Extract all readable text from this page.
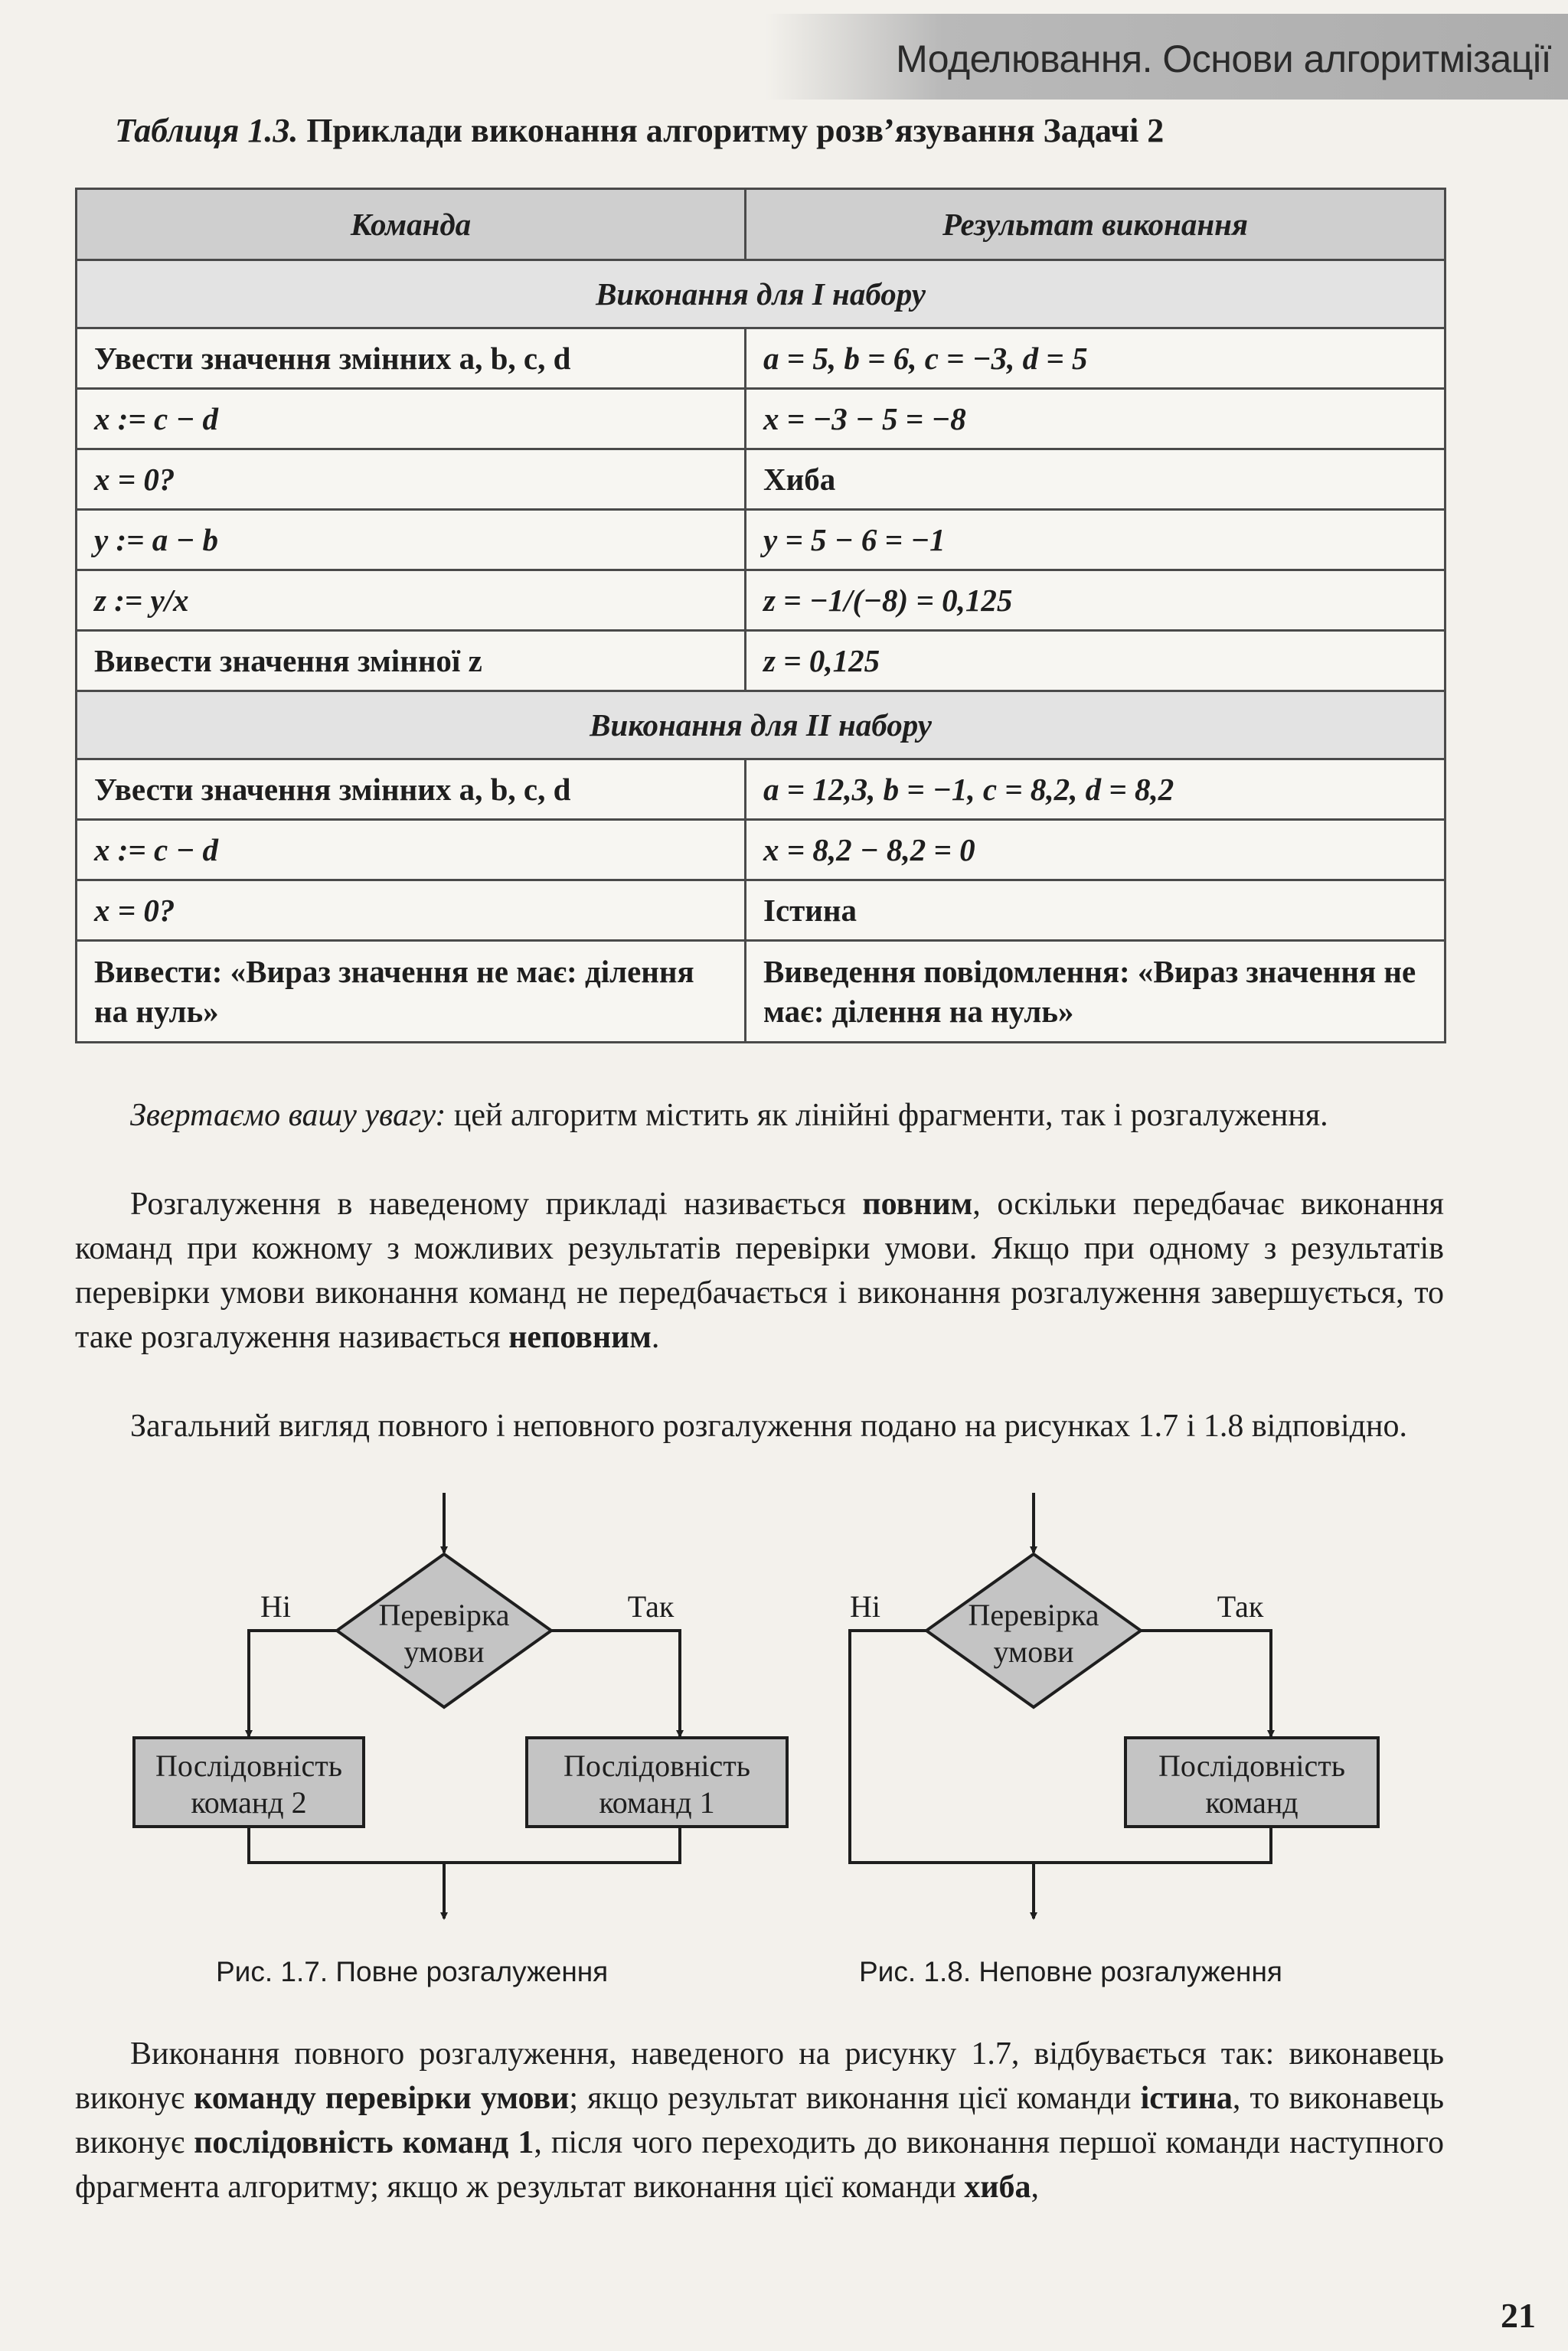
Моделювання. Основи алгоритмізації
Таблиця 1.3. Приклади виконання алгоритму розв’язування Задачі 2
Команда	Результат виконання
Виконання для І набору	
Увести значення змінних a, b, c, d	a = 5, b = 6, c = −3, d = 5
x := c − d	x = −3 − 5 = −8
x = 0?	Хиба
y := a − b	y = 5 − 6 = −1
z := y/x	z = −1/(−8) = 0,125
Вивести значення змінної z	z = 0,125
Виконання для ІІ набору	
Увести значення змінних a, b, c, d	a = 12,3, b = −1, c = 8,2, d = 8,2
x := c − d	x = 8,2 − 8,2 = 0
x = 0?	Істина
Вивести: «Вираз значення не має: ділення на нуль»	Виведення повідомлення: «Вираз значення не має: ділення на нуль»

Звертаємо вашу увагу: цей алгоритм містить як лінійні фрагменти, так і розгалуження.

Розгалуження в наведеному прикладі називається повним, оскільки передбачає виконання команд при кожному з можливих результатів перевірки умови. Якщо при одному з результатів перевірки умови виконання команд не передбачається і виконання розгалуження завершується, то таке розгалуження називається неповним.

Загальний вигляд повного і неповного розгалуження подано на рисунках 1.7 і 1.8 відповідно.

Ні	Так
Перевірка
умови
Послідовність
команд 2
Послідовність
команд 1
Рис. 1.7. Повне розгалуження
Ні	Так
Перевірка
умови
Послідовність
команд
Рис. 1.8. Неповне розгалуження

Виконання повного розгалуження, наведеного на рисунку 1.7, відбувається так: виконавець виконує команду перевірки умови; якщо результат виконання цієї команди істина, то виконавець виконує послідовність команд 1, після чого переходить до виконання першої команди наступного фрагмента алгоритму; якщо ж результат виконання цієї команди хиба,

21
